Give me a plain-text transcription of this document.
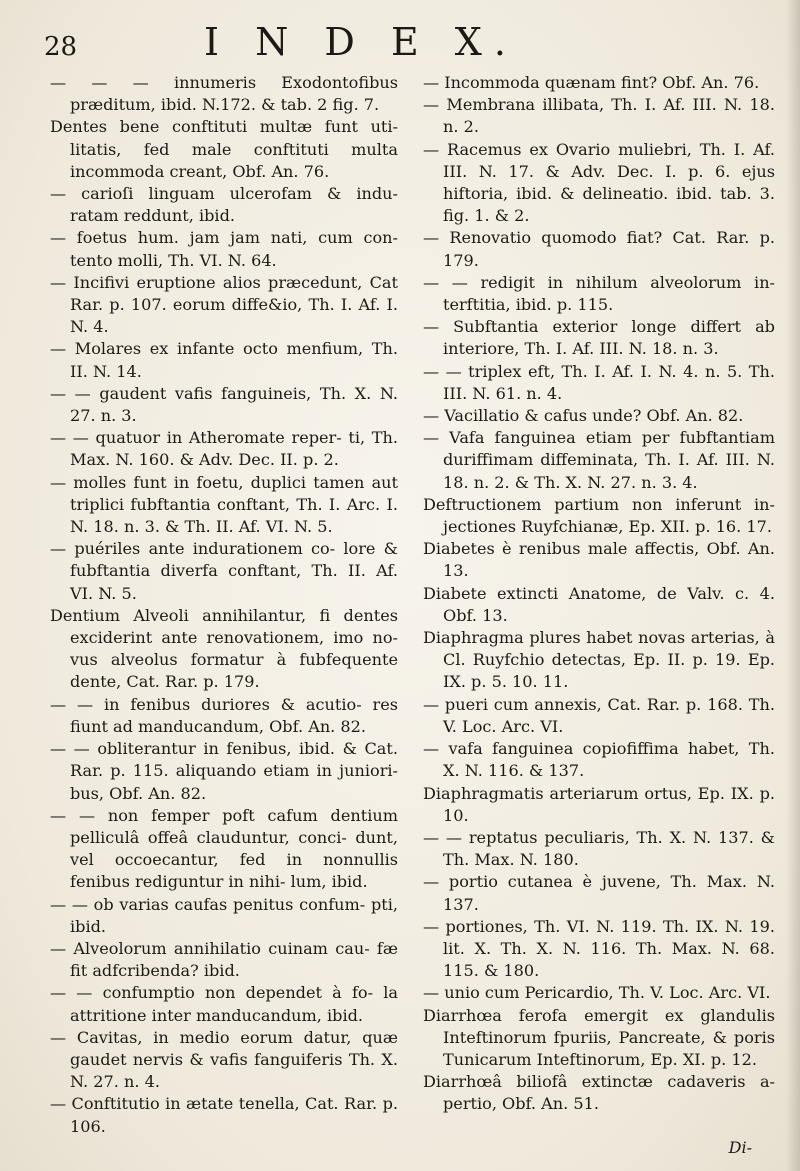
28	I N D E X.

— — — innumeris Exodontofibus præditum, ibid. N.172. & tab. 2 fig. 7.

Dentes bene conftituti multæ funt uti- litatis, fed male conftituti multa incommoda creant, Obf. An. 76.

— carioſi linguam ulcerofam & indu- ratam reddunt, ibid.

— foetus hum. jam jam nati, cum con- tento molli, Th. VI. N. 64.

— Incifivi eruptione alios præcedunt, Cat Rar. p. 107. eorum diffe&io, Th. I. Af. I. N. 4.

— Molares ex infante octo menfium, Th. II. N. 14.

— — gaudent vafis fanguineis, Th. X. N. 27. n. 3.

— — quatuor in Atheromate reper- ti, Th. Max. N. 160. & Adv. Dec. II. p. 2.

— molles funt in foetu, duplici tamen aut triplici fubftantia conftant, Th. I. Arc. I. N. 18. n. 3. & Th. II. Af. VI. N. 5.

— puériles ante indurationem co- lore & fubftantia diverfa conftant, Th. II. Af. VI. N. 5.

Dentium Alveoli annihilantur, fi dentes exciderint ante renovationem, imo no- vus alveolus formatur à fubfequente dente, Cat. Rar. p. 179.

— — in fenibus duriores & acutio- res fiunt ad manducandum, Obf. An. 82.

— — obliterantur in fenibus, ibid. & Cat. Rar. p. 115. aliquando etiam in juniori- bus, Obf. An. 82.

— — non femper poft cafum dentium pelliculâ offeâ clauduntur, conci- dunt, vel occoecantur, fed in nonnullis fenibus rediguntur in nihi- lum, ibid.

— — ob varias caufas penitus confum- pti, ibid.

— Alveolorum annihilatio cuinam cau- fæ fit adfcribenda? ibid.

— — confumptio non dependet à fo- la attritione inter manducandum, ibid.

— Cavitas, in medio eorum datur, quæ gaudet nervis & vafis fanguiferis Th. X. N. 27. n. 4.

— Conftitutio in ætate tenella, Cat. Rar. p. 106.

— Incommoda quænam fint? Obf. An. 76.

— Membrana illibata, Th. I. Af. III. N. 18. n. 2.

— Racemus ex Ovario muliebri, Th. I. Af. III. N. 17. & Adv. Dec. I. p. 6. ejus hiftoria, ibid. & delineatio. ibid. tab. 3. fig. 1. & 2.

— Renovatio quomodo fiat? Cat. Rar. p. 179.

— — redigit in nihilum alveolorum in- terftitia, ibid. p. 115.

— Subftantia exterior longe differt ab interiore, Th. I. Af. III. N. 18. n. 3.

— — triplex eft, Th. I. Af. I. N. 4. n. 5. Th. III. N. 61. n. 4.

— Vacillatio & cafus unde? Obf. An. 82.

— Vafa fanguinea etiam per fubftantiam duriffimam diffeminata, Th. I. Af. III. N. 18. n. 2. & Th. X. N. 27. n. 3. 4.

Deftructionem partium non inferunt in- jectiones Ruyfchianæ, Ep. XII. p. 16. 17.

Diabetes è renibus male affectis, Obf. An. 13.

Diabete extincti Anatome, de Valv. c. 4. Obf. 13.

Diaphragma plures habet novas arterias, à Cl. Ruyfchio detectas, Ep. II. p. 19. Ep. IX. p. 5. 10. 11.

— pueri cum annexis, Cat. Rar. p. 168. Th. V. Loc. Arc. VI.

— vafa fanguinea copiofiffima habet, Th. X. N. 116. & 137.

Diaphragmatis arteriarum ortus, Ep. IX. p. 10.

— — reptatus peculiaris, Th. X. N. 137. & Th. Max. N. 180.

— portio cutanea è juvene, Th. Max. N. 137.

— portiones, Th. VI. N. 119. Th. IX. N. 19. lit. X. Th. X. N. 116. Th. Max. N. 68. 115. & 180.

— unio cum Pericardio, Th. V. Loc. Arc. VI.

Diarrhœa ferofa emergit ex glandulis Inteftinorum fpuriis, Pancreate, & poris Tunicarum Inteftinorum, Ep. XI. p. 12.

Diarrhœâ biliofâ extinctæ cadaveris a- pertio, Obf. An. 51.

Di-
